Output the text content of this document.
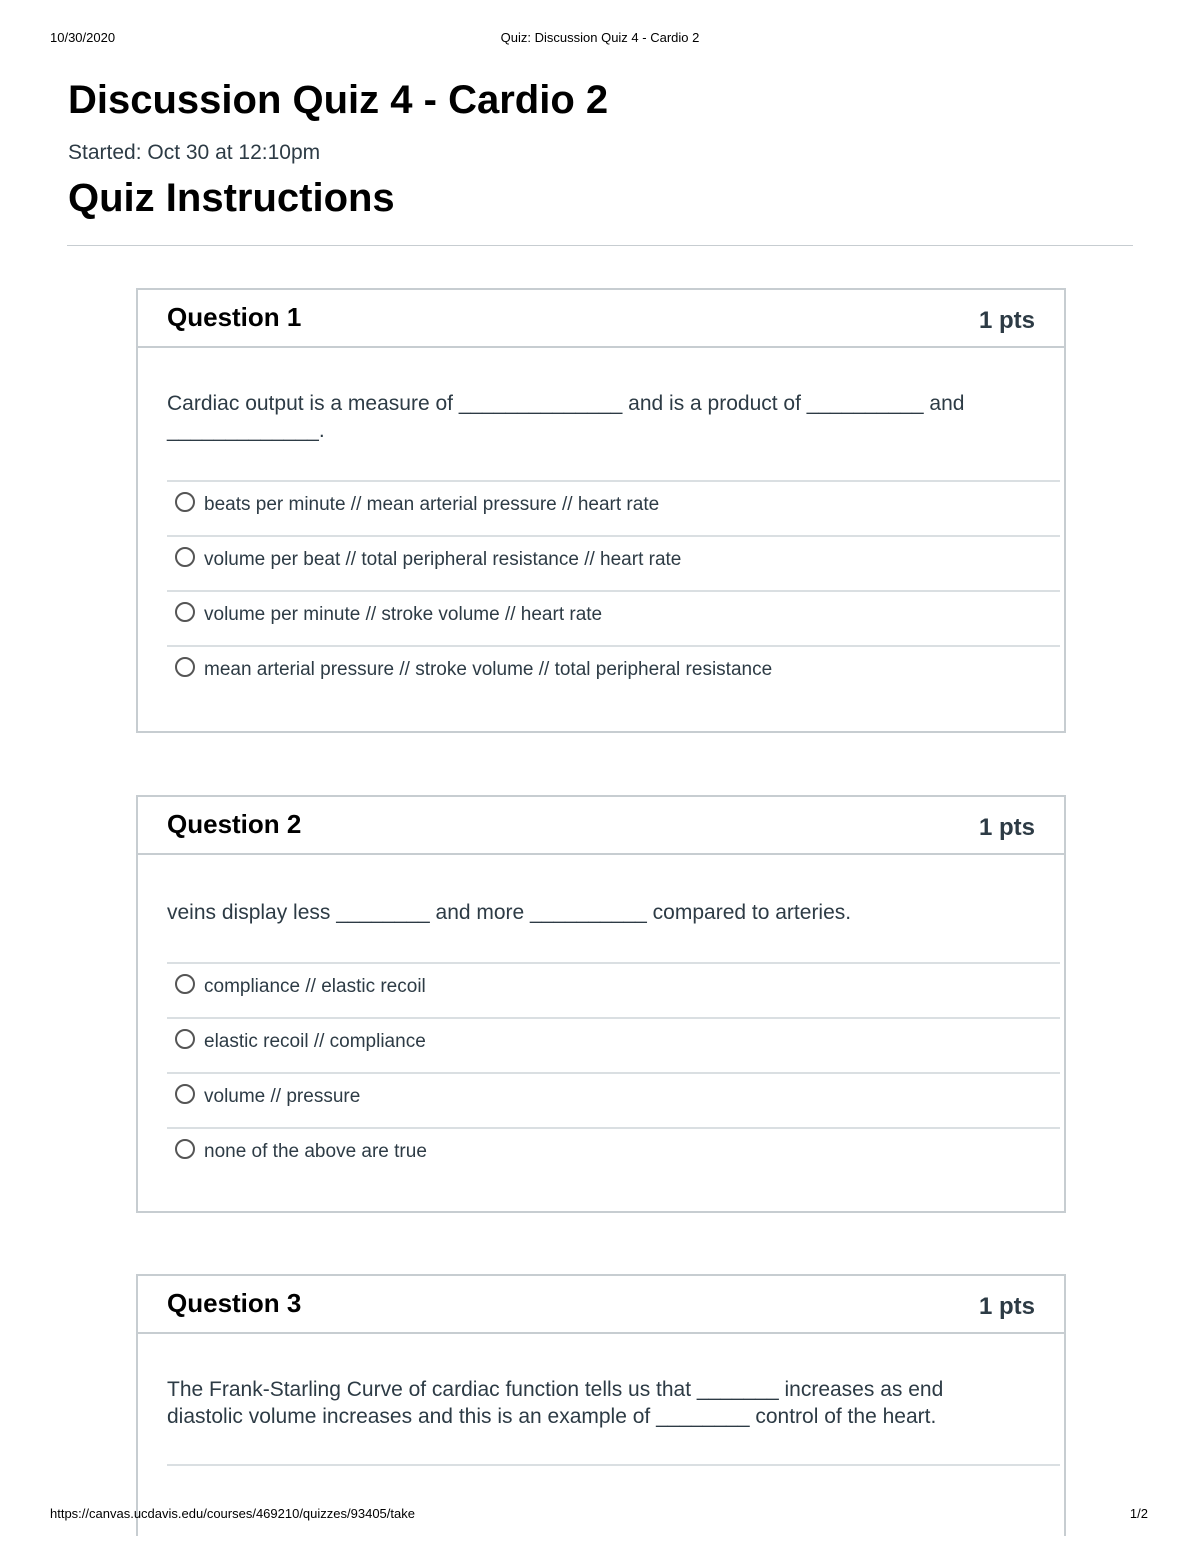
10/30/2020	Quiz: Discussion Quiz 4 - Cardio 2
Discussion Quiz 4 - Cardio 2
Started: Oct 30 at 12:10pm
Quiz Instructions
Question 1	1 pts
Cardiac output is a measure of ______________ and is a product of __________ and _____________.
beats per minute // mean arterial pressure // heart rate
volume per beat // total peripheral resistance // heart rate
volume per minute // stroke volume // heart rate
mean arterial pressure // stroke volume // total peripheral resistance
Question 2	1 pts
veins display less ________ and more __________ compared to arteries.
compliance // elastic recoil
elastic recoil // compliance
volume // pressure
none of the above are true
Question 3	1 pts
The Frank-Starling Curve of cardiac function tells us that _______ increases as end diastolic volume increases and this is an example of ________ control of the heart.
https://canvas.ucdavis.edu/courses/469210/quizzes/93405/take	1/2
